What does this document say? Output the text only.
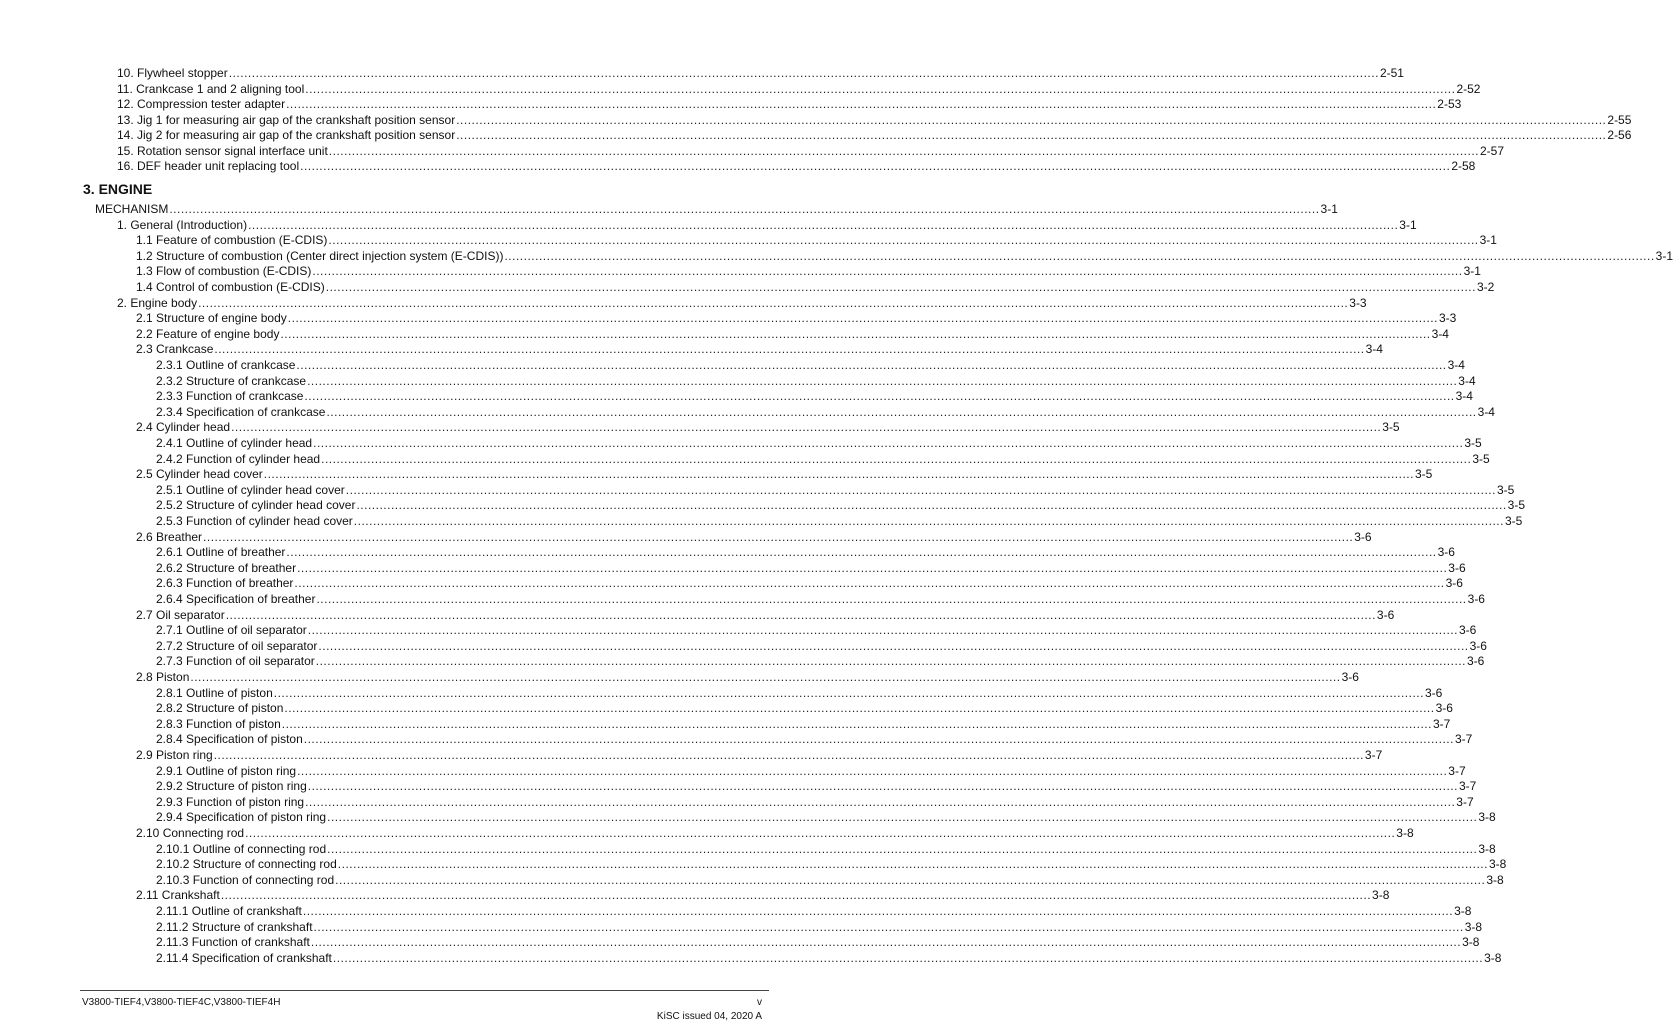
10. Flywheel stopper ............................................................................................................................................................................................................................................................................................................ 2-51
11. Crankcase 1 and 2 aligning tool ............................................................................................................................................................................................................................................................................................................ 2-52
12. Compression tester adapter ............................................................................................................................................................................................................................................................................................................ 2-53
13. Jig 1 for measuring air gap of the crankshaft position sensor ............................................................................................................................................................................................................................................................................................................ 2-55
14. Jig 2 for measuring air gap of the crankshaft position sensor ............................................................................................................................................................................................................................................................................................................ 2-56
15. Rotation sensor signal interface unit ............................................................................................................................................................................................................................................................................................................ 2-57
16. DEF header unit replacing tool ............................................................................................................................................................................................................................................................................................................ 2-58
3. ENGINE
MECHANISM ............................................................................................................................................................................................................................................................................................................ 3-1
1. General (Introduction) ............................................................................................................................................................................................................................................................................................................ 3-1
1.1 Feature of combustion (E-CDIS) ............................................................................................................................................................................................................................................................................................................ 3-1
1.2 Structure of combustion (Center direct injection system (E-CDIS)) ............................................................................................................................................................................................................................................................................................................ 3-1
1.3 Flow of combustion (E-CDIS) ............................................................................................................................................................................................................................................................................................................ 3-1
1.4 Control of combustion (E-CDIS) ............................................................................................................................................................................................................................................................................................................ 3-2
2. Engine body ............................................................................................................................................................................................................................................................................................................ 3-3
2.1 Structure of engine body ............................................................................................................................................................................................................................................................................................................ 3-3
2.2 Feature of engine body ............................................................................................................................................................................................................................................................................................................ 3-4
2.3 Crankcase ............................................................................................................................................................................................................................................................................................................ 3-4
2.3.1 Outline of crankcase ............................................................................................................................................................................................................................................................................................................ 3-4
2.3.2 Structure of crankcase ............................................................................................................................................................................................................................................................................................................ 3-4
2.3.3 Function of crankcase ............................................................................................................................................................................................................................................................................................................ 3-4
2.3.4 Specification of crankcase ............................................................................................................................................................................................................................................................................................................ 3-4
2.4 Cylinder head ............................................................................................................................................................................................................................................................................................................ 3-5
2.4.1 Outline of cylinder head ............................................................................................................................................................................................................................................................................................................ 3-5
2.4.2 Function of cylinder head ............................................................................................................................................................................................................................................................................................................ 3-5
2.5 Cylinder head cover ............................................................................................................................................................................................................................................................................................................ 3-5
2.5.1 Outline of cylinder head cover ............................................................................................................................................................................................................................................................................................................ 3-5
2.5.2 Structure of cylinder head cover ............................................................................................................................................................................................................................................................................................................ 3-5
2.5.3 Function of cylinder head cover ............................................................................................................................................................................................................................................................................................................ 3-5
2.6 Breather ............................................................................................................................................................................................................................................................................................................ 3-6
2.6.1 Outline of breather ............................................................................................................................................................................................................................................................................................................ 3-6
2.6.2 Structure of breather ............................................................................................................................................................................................................................................................................................................ 3-6
2.6.3 Function of breather ............................................................................................................................................................................................................................................................................................................ 3-6
2.6.4 Specification of breather ............................................................................................................................................................................................................................................................................................................ 3-6
2.7 Oil separator ............................................................................................................................................................................................................................................................................................................ 3-6
2.7.1 Outline of oil separator ............................................................................................................................................................................................................................................................................................................ 3-6
2.7.2 Structure of oil separator ............................................................................................................................................................................................................................................................................................................ 3-6
2.7.3 Function of oil separator ............................................................................................................................................................................................................................................................................................................ 3-6
2.8 Piston ............................................................................................................................................................................................................................................................................................................ 3-6
2.8.1 Outline of piston ............................................................................................................................................................................................................................................................................................................ 3-6
2.8.2 Structure of piston ............................................................................................................................................................................................................................................................................................................ 3-6
2.8.3 Function of piston ............................................................................................................................................................................................................................................................................................................ 3-7
2.8.4 Specification of piston ............................................................................................................................................................................................................................................................................................................ 3-7
2.9 Piston ring ............................................................................................................................................................................................................................................................................................................ 3-7
2.9.1 Outline of piston ring ............................................................................................................................................................................................................................................................................................................ 3-7
2.9.2 Structure of piston ring ............................................................................................................................................................................................................................................................................................................ 3-7
2.9.3 Function of piston ring ............................................................................................................................................................................................................................................................................................................ 3-7
2.9.4 Specification of piston ring ............................................................................................................................................................................................................................................................................................................ 3-8
2.10 Connecting rod ............................................................................................................................................................................................................................................................................................................ 3-8
2.10.1 Outline of connecting rod ............................................................................................................................................................................................................................................................................................................ 3-8
2.10.2 Structure of connecting rod ............................................................................................................................................................................................................................................................................................................ 3-8
2.10.3 Function of connecting rod ............................................................................................................................................................................................................................................................................................................ 3-8
2.11 Crankshaft ............................................................................................................................................................................................................................................................................................................ 3-8
2.11.1 Outline of crankshaft ............................................................................................................................................................................................................................................................................................................ 3-8
2.11.2 Structure of crankshaft ............................................................................................................................................................................................................................................................................................................ 3-8
2.11.3 Function of crankshaft ............................................................................................................................................................................................................................................................................................................ 3-8
2.11.4 Specification of crankshaft ............................................................................................................................................................................................................................................................................................................ 3-8
V3800-TIEF4,V3800-TIEF4C,V3800-TIEF4H	v
KiSC issued 04, 2020 A
